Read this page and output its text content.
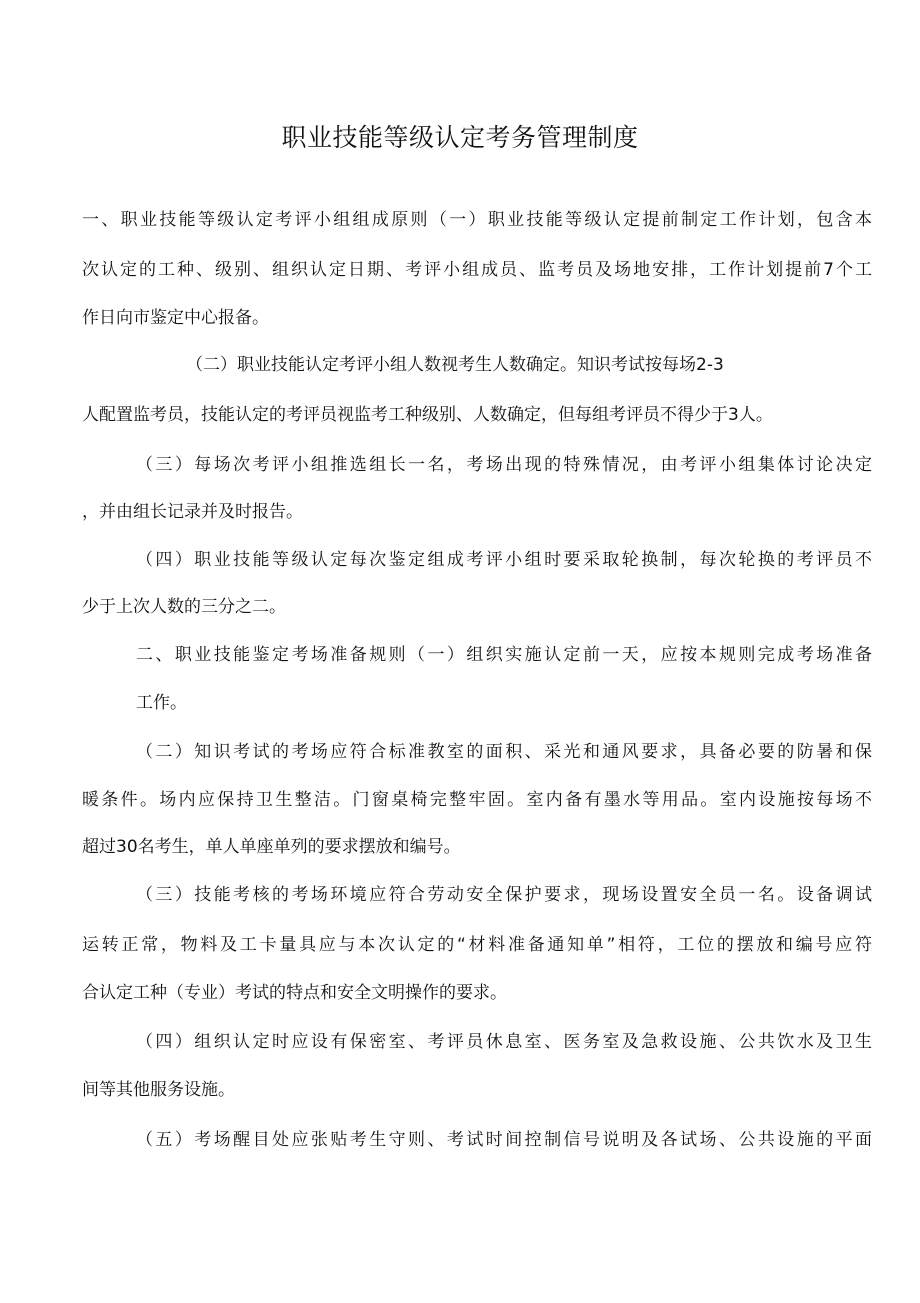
职业技能等级认定考务管理制度
一、职业技能等级认定考评小组组成原则（一）职业技能等级认定提前制定工作计划，包含本
次认定的工种、级别、组织认定日期、考评小组成员、监考员及场地安排，工作计划提前7个工
作日向市鉴定中心报备。
（二）职业技能认定考评小组人数视考生人数确定。知识考试按每场2-3
人配置监考员，技能认定的考评员视监考工种级别、人数确定，但每组考评员不得少于3人。
（三）每场次考评小组推选组长一名，考场出现的特殊情况，由考评小组集体讨论决定
，并由组长记录并及时报告。
（四）职业技能等级认定每次鉴定组成考评小组时要采取轮换制，每次轮换的考评员不
少于上次人数的三分之二。
二、职业技能鉴定考场准备规则（一）组织实施认定前一天，应按本规则完成考场准备
工作。
（二）知识考试的考场应符合标准教室的面积、采光和通风要求，具备必要的防暑和保
暖条件。场内应保持卫生整洁。门窗桌椅完整牢固。室内备有墨水等用品。室内设施按每场不
超过30名考生，单人单座单列的要求摆放和编号。
（三）技能考核的考场环境应符合劳动安全保护要求，现场设置安全员一名。设备调试
运转正常，物料及工卡量具应与本次认定的“材料准备通知单”相符，工位的摆放和编号应符
合认定工种（专业）考试的特点和安全文明操作的要求。
（四）组织认定时应设有保密室、考评员休息室、医务室及急救设施、公共饮水及卫生
间等其他服务设施。
（五）考场醒目处应张贴考生守则、考试时间控制信号说明及各试场、公共设施的平面
